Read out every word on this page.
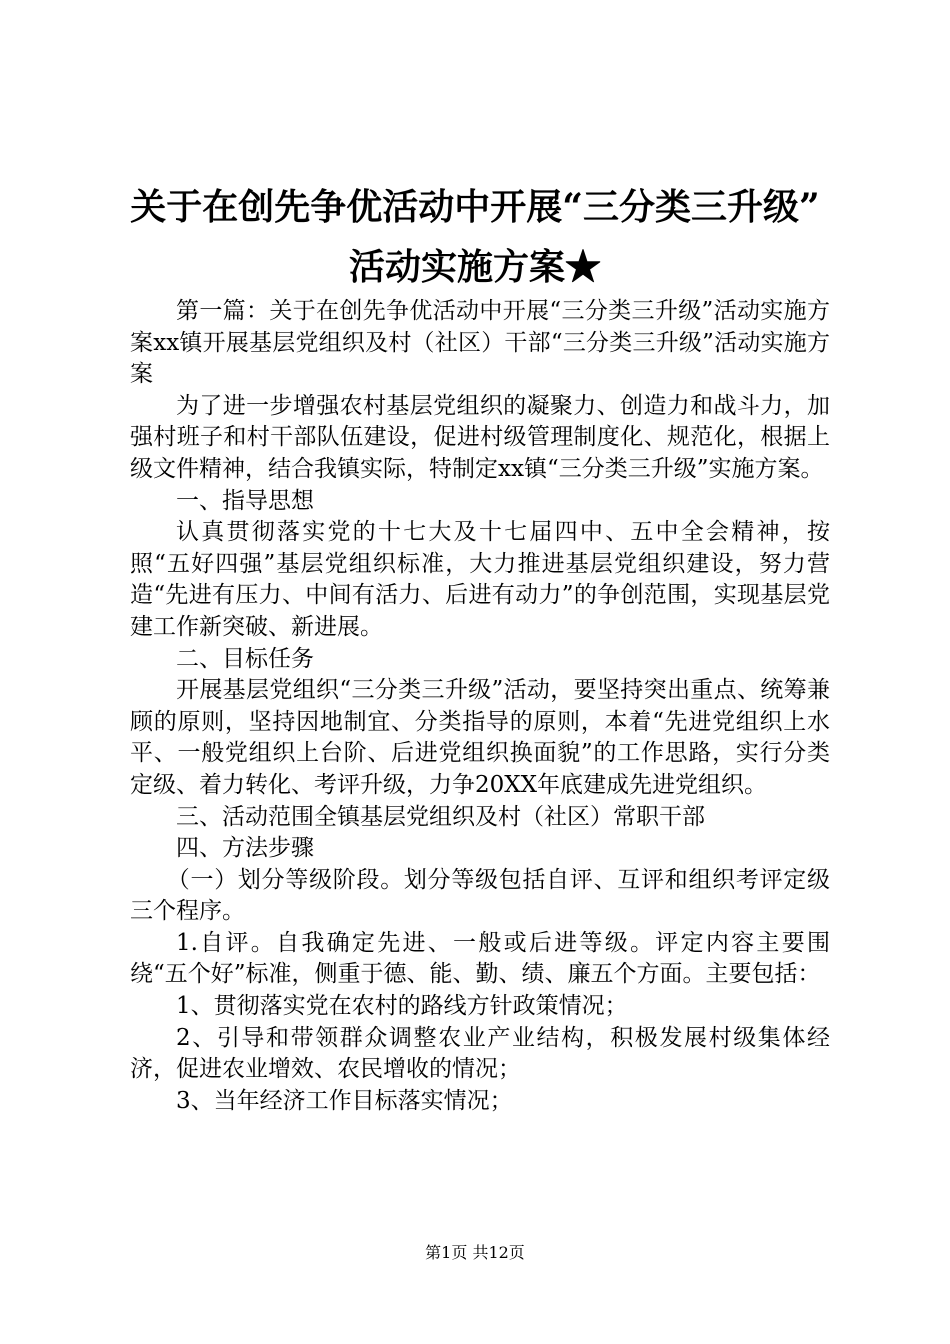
关于在创先争优活动中开展“三分类三升级”
活动实施方案★

第一篇：关于在创先争优活动中开展“三分类三升级”活动实施方案xx镇开展基层党组织及村（社区）干部“三分类三升级”活动实施方案

为了进一步增强农村基层党组织的凝聚力、创造力和战斗力，加强村班子和村干部队伍建设，促进村级管理制度化、规范化，根据上级文件精神，结合我镇实际，特制定xx镇“三分类三升级”实施方案。

一、指导思想

认真贯彻落实党的十七大及十七届四中、五中全会精神，按照“五好四强”基层党组织标准，大力推进基层党组织建设，努力营造“先进有压力、中间有活力、后进有动力”的争创范围，实现基层党建工作新突破、新进展。

二、目标任务

开展基层党组织“三分类三升级”活动，要坚持突出重点、统筹兼顾的原则，坚持因地制宜、分类指导的原则，本着“先进党组织上水平、一般党组织上台阶、后进党组织换面貌”的工作思路，实行分类定级、着力转化、考评升级，力争20XX年底建成先进党组织。

三、活动范围全镇基层党组织及村（社区）常职干部

四、方法步骤

（一）划分等级阶段。划分等级包括自评、互评和组织考评定级三个程序。

1.自评。自我确定先进、一般或后进等级。评定内容主要围绕“五个好”标准，侧重于德、能、勤、绩、廉五个方面。主要包括：

1、贯彻落实党在农村的路线方针政策情况；

2、引导和带领群众调整农业产业结构，积极发展村级集体经济，促进农业增效、农民增收的情况；

3、当年经济工作目标落实情况；

第1页 共12页
